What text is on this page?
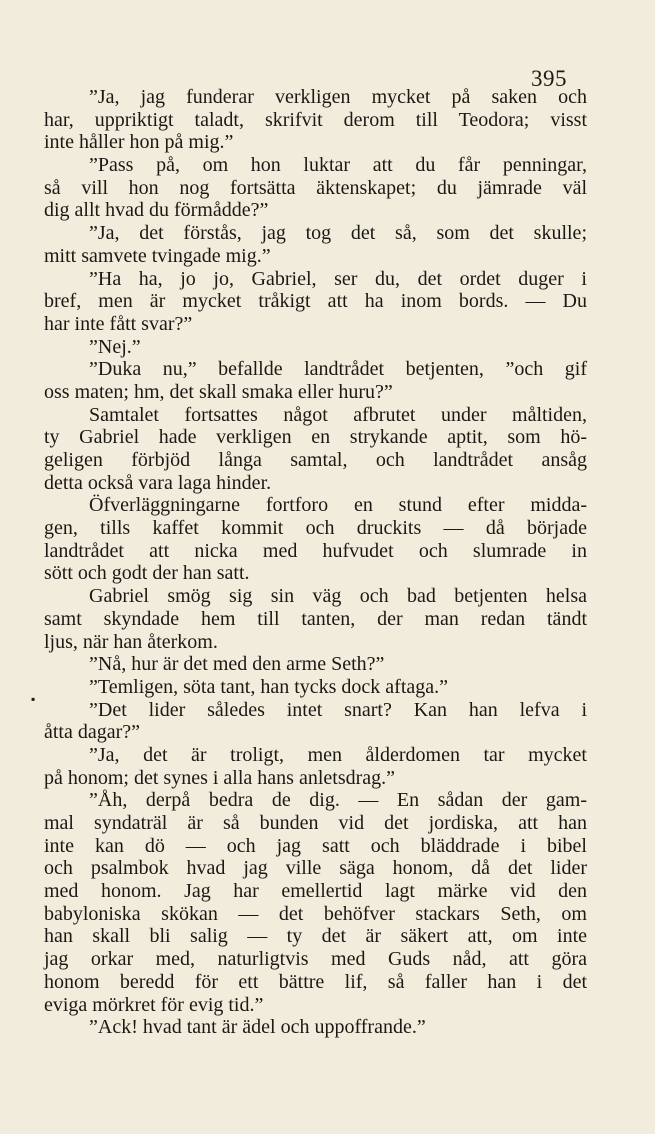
395
▪
”Ja, jag funderar verkligen mycket på saken och
har, uppriktigt taladt, skrifvit derom till Teodora; visst
inte håller hon på mig.”
”Pass på, om hon luktar att du får penningar,
så vill hon nog fortsätta äktenskapet; du jämrade väl
dig allt hvad du förmådde?”
”Ja, det förstås, jag tog det så, som det skulle;
mitt samvete tvingade mig.”
”Ha ha, jo jo, Gabriel, ser du, det ordet duger i
bref, men är mycket tråkigt att ha inom bords. — Du
har inte fått svar?”
”Nej.”
”Duka nu,” befallde landtrådet betjenten, ”och gif
oss maten; hm, det skall smaka eller huru?”
Samtalet fortsattes något afbrutet under måltiden,
ty Gabriel hade verkligen en strykande aptit, som hö-
geligen förbjöd långa samtal, och landtrådet ansåg
detta också vara laga hinder.
Öfverläggningarne fortforo en stund efter midda-
gen, tills kaffet kommit och druckits — då började
landtrådet att nicka med hufvudet och slumrade in
sött och godt der han satt.
Gabriel smög sig sin väg och bad betjenten helsa
samt skyndade hem till tanten, der man redan tändt
ljus, när han återkom.
”Nå, hur är det med den arme Seth?”
”Temligen, söta tant, han tycks dock aftaga.”
”Det lider således intet snart? Kan han lefva i
åtta dagar?”
”Ja, det är troligt, men ålderdomen tar mycket
på honom; det synes i alla hans anletsdrag.”
”Åh, derpå bedra de dig. — En sådan der gam-
mal syndaträl är så bunden vid det jordiska, att han
inte kan dö — och jag satt och bläddrade i bibel
och psalmbok hvad jag ville säga honom, då det lider
med honom. Jag har emellertid lagt märke vid den
babyloniska skökan — det behöfver stackars Seth, om
han skall bli salig — ty det är säkert att, om inte
jag orkar med, naturligtvis med Guds nåd, att göra
honom beredd för ett bättre lif, så faller han i det
eviga mörkret för evig tid.”
”Ack! hvad tant är ädel och uppoffrande.”
